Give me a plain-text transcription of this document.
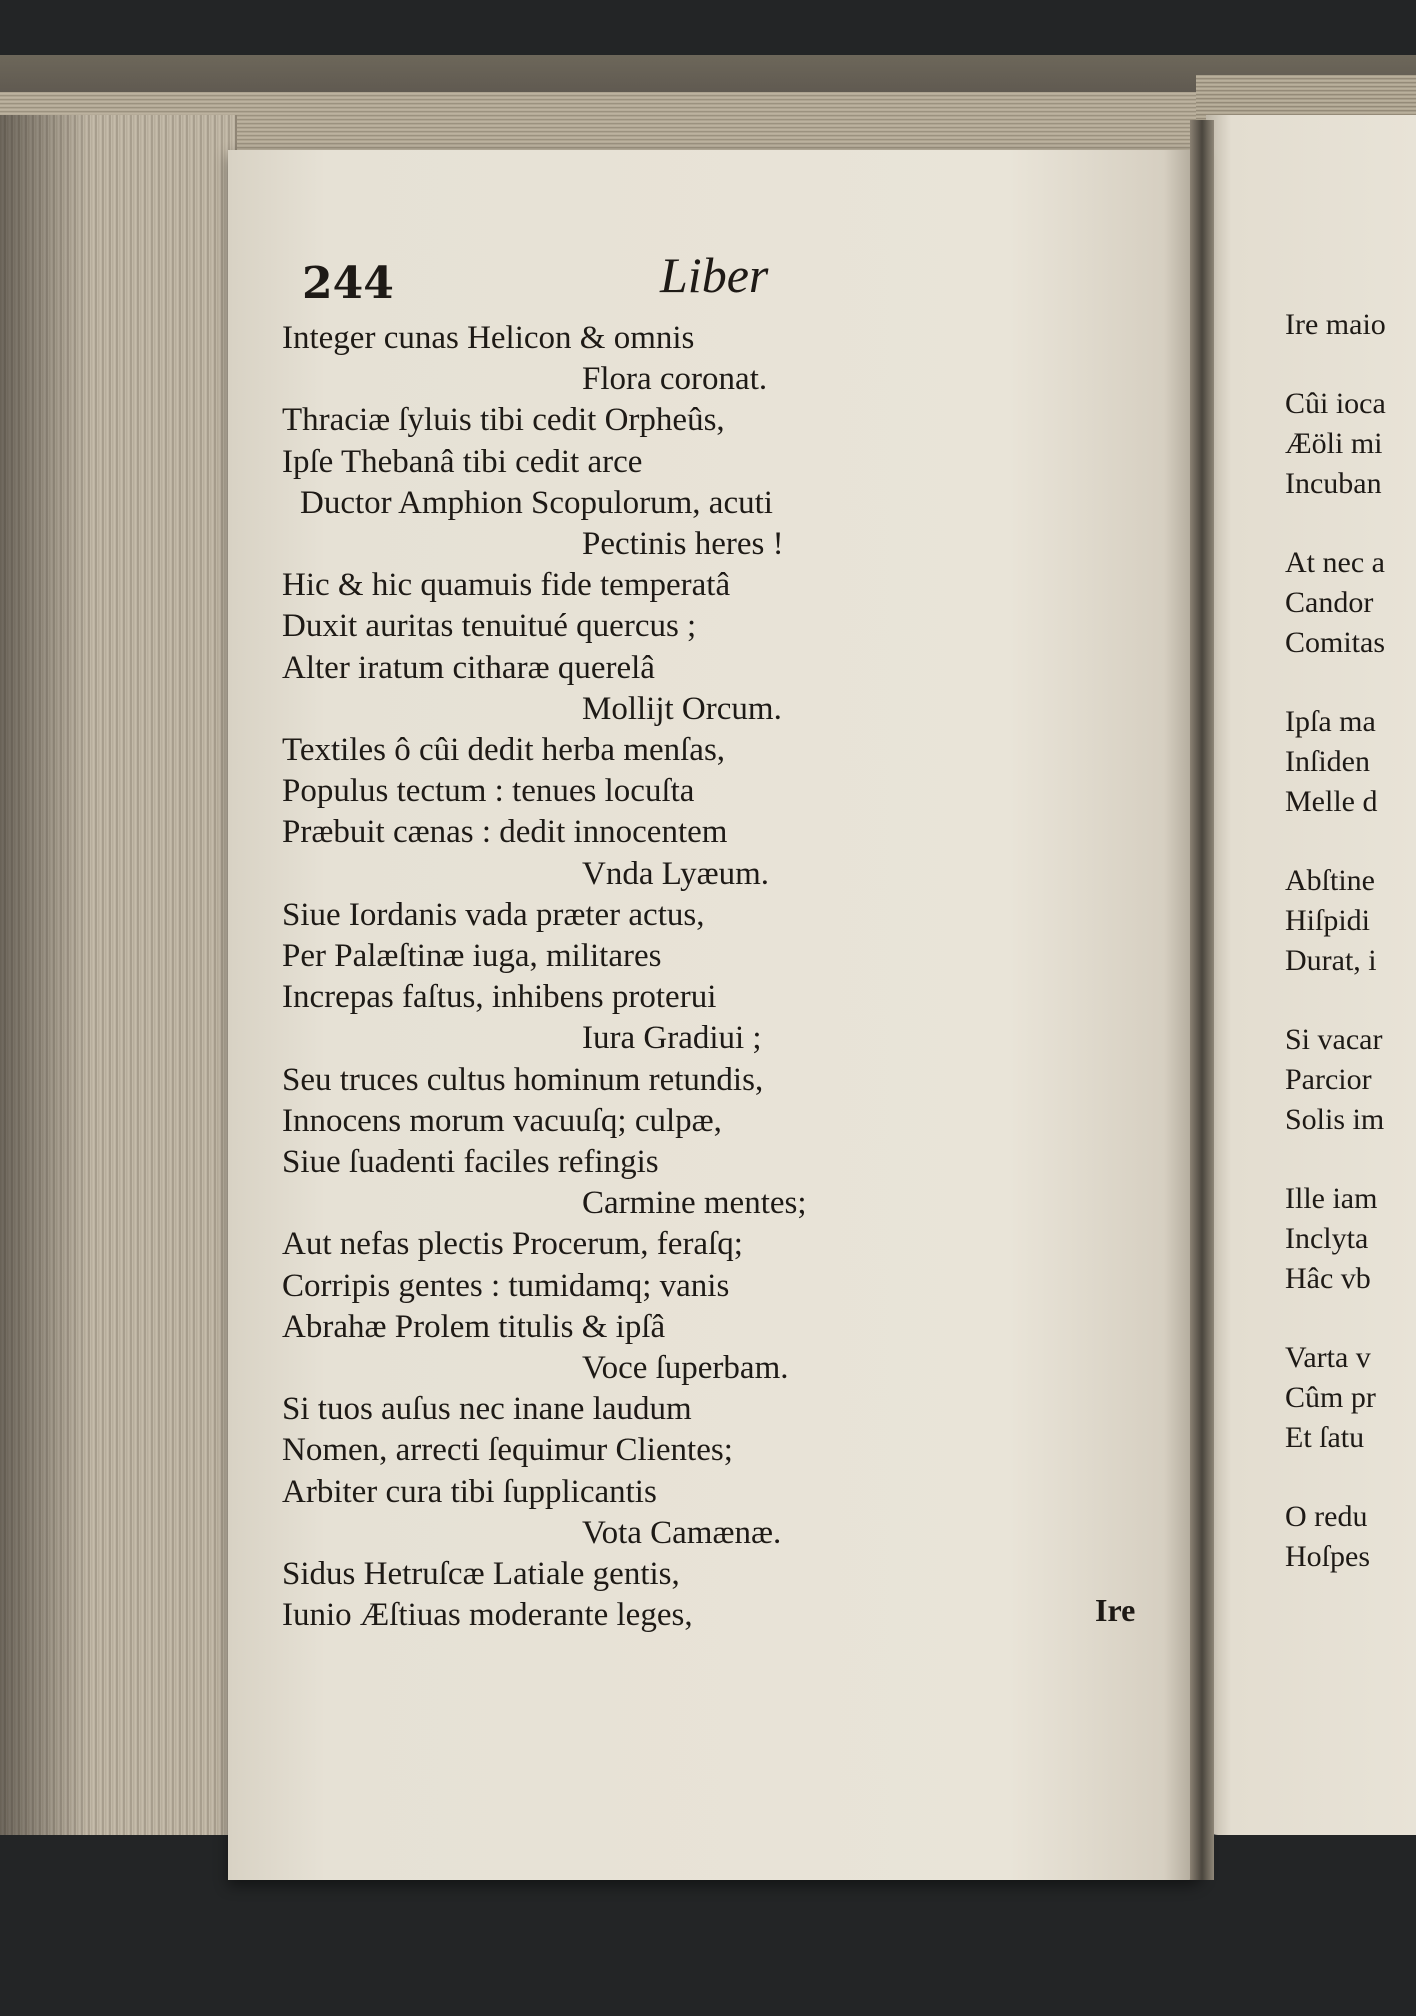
244	Liber
Integer cunas Helicon & omnis
Flora coronat.
Thraciæ ſyluis tibi cedit Orpheûs,
Ipſe Thebanâ tibi cedit arce
Ductor Amphion Scopulorum, acuti
Pectinis heres !
Hic & hic quamuis fide temperatâ
Duxit auritas tenuitué quercus ;
Alter iratum citharæ querelâ
Mollijt Orcum.
Textiles ô cûi dedit herba menſas,
Populus tectum : tenues locuſta
Præbuit cænas : dedit innocentem
Vnda Lyæum.
Siue Iordanis vada præter actus,
Per Palæſtinæ iuga, militares
Increpas faſtus, inhibens proterui
Iura Gradiui ;
Seu truces cultus hominum retundis,
Innocens morum vacuuſq; culpæ,
Siue ſuadenti faciles refingis
Carmine mentes;
Aut nefas plectis Procerum, feraſq;
Corripis gentes : tumidamq; vanis
Abrahæ Prolem titulis & ipſâ
Voce ſuperbam.
Si tuos auſus nec inane laudum
Nomen, arrecti ſequimur Clientes;
Arbiter cura tibi ſupplicantis
Vota Camænæ.
Sidus Hetruſcæ Latiale gentis,
Iunio Æſtiuas moderante leges,	Ire
Ire maio
Cûi ioca
Æöli mi
Incuban
At nec a
Candor
Comitas
Ipſa ma
Inſiden
Melle d
Abſtine
Hiſpidi
Durat, i
Si vacar
Parcior
Solis im
Ille iam
Inclyta
Hâc vb
Varta v
Cûm pr
Et ſatu
O redu
Hoſpes
